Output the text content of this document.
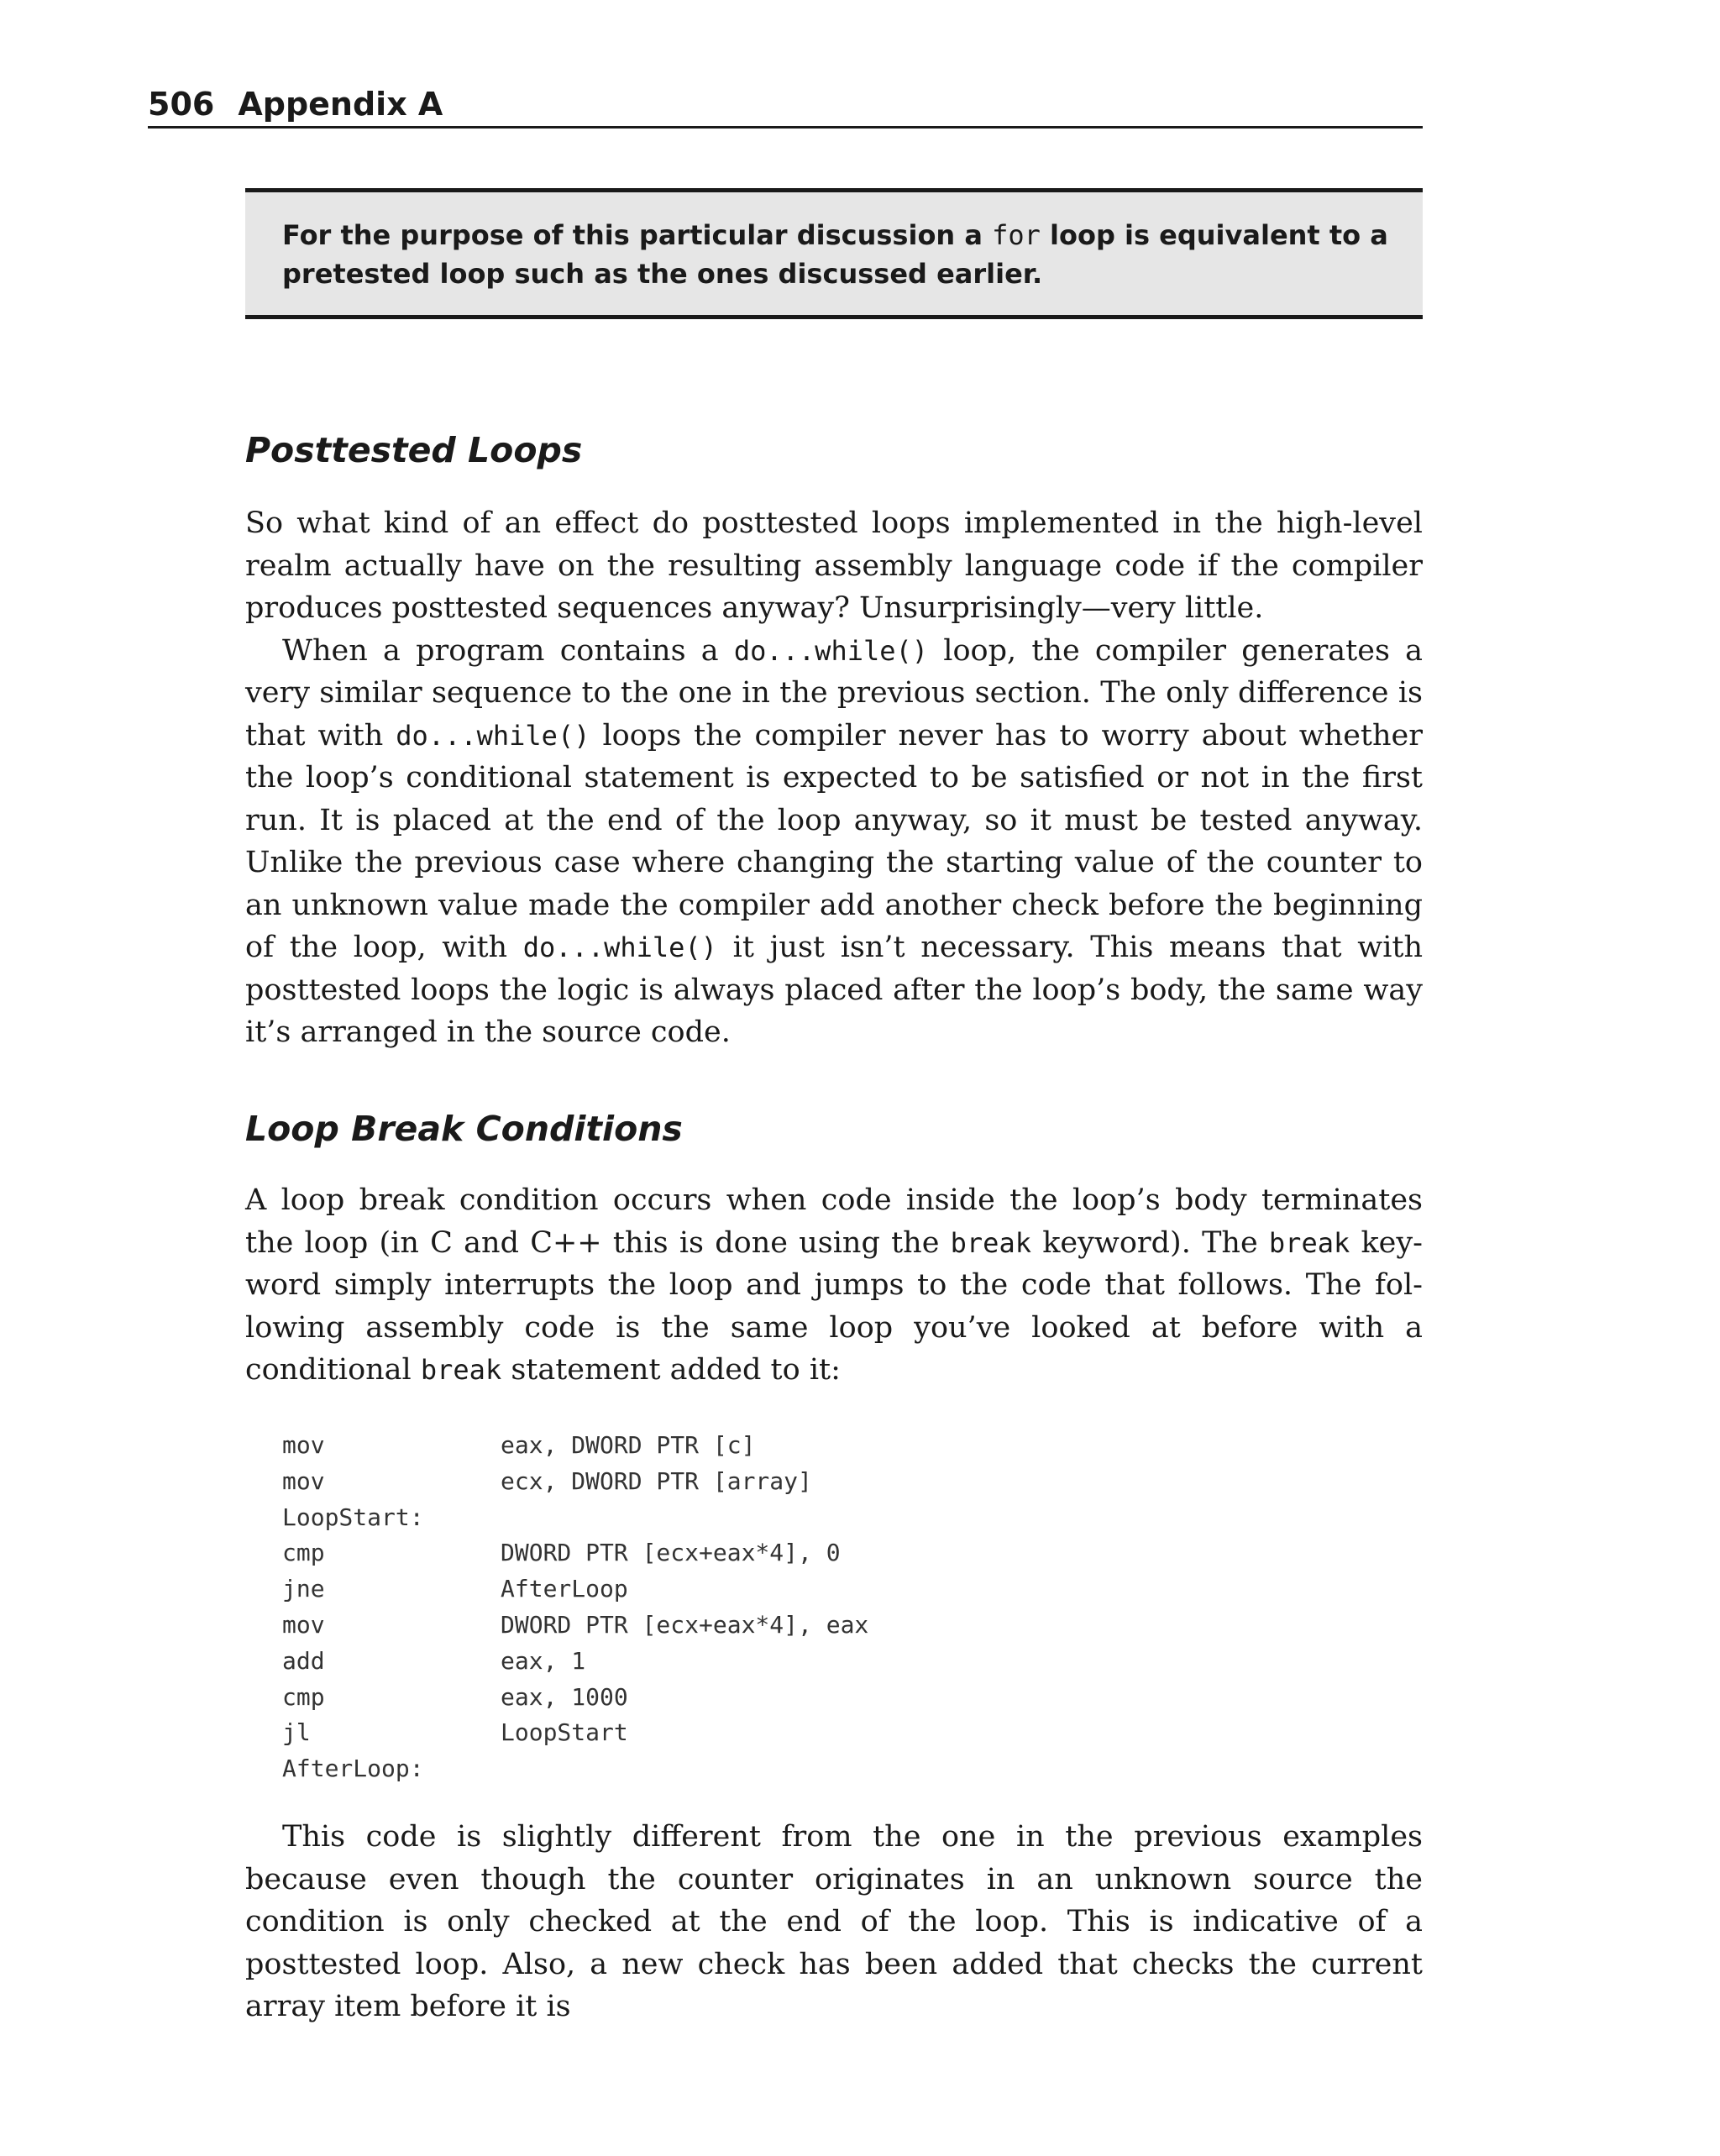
506 Appendix A
For the purpose of this particular discussion a for loop is equivalent to a
pretested loop such as the ones discussed earlier.
Posttested Loops

So what kind of an effect do posttested loops implemented in the high-level realm actually have on the resulting assembly language code if the compiler produces posttested sequences anyway? Unsurprisingly—very little.

When a program contains a do...while() loop, the compiler generates a very similar sequence to the one in the previous section. The only difference is that with do...while() loops the compiler never has to worry about whether the loop’s conditional statement is expected to be satisfied or not in the first run. It is placed at the end of the loop anyway, so it must be tested anyway. Unlike the previous case where changing the starting value of the counter to an unknown value made the compiler add another check before the beginning of the loop, with do...while() it just isn’t necessary. This means that with posttested loops the logic is always placed after the loop’s body, the same way it’s arranged in the source code.

Loop Break Conditions

A loop break condition occurs when code inside the loop’s body terminates the loop (in C and C++ this is done using the break keyword). The break keyword simply interrupts the loop and jumps to the code that follows. The following assembly code is the same loop you’ve looked at before with a conditional break statement added to it:

mov	eax, DWORD PTR [c]
mov	ecx, DWORD PTR [array]
LoopStart:
cmp	DWORD PTR [ecx+eax*4], 0
jne	AfterLoop
mov	DWORD PTR [ecx+eax*4], eax
add	eax, 1
cmp	eax, 1000
jl	LoopStart
AfterLoop:

This code is slightly different from the one in the previous examples because even though the counter originates in an unknown source the condition is only checked at the end of the loop. This is indicative of a posttested loop. Also, a new check has been added that checks the current array item before it is
